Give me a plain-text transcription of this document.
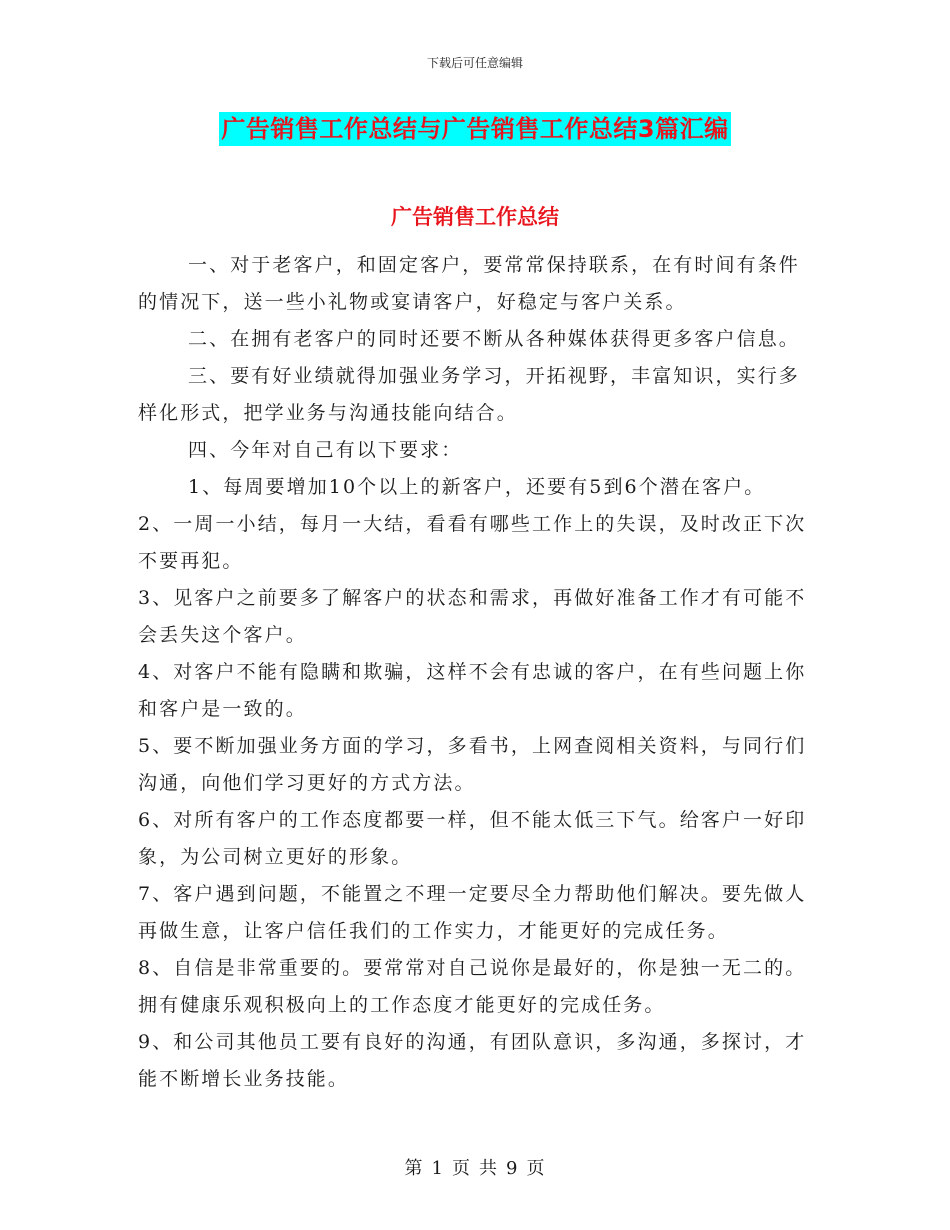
下载后可任意编辑
广告销售工作总结与广告销售工作总结3篇汇编
广告销售工作总结

一、对于老客户，和固定客户，要常常保持联系，在有时间有条件的情况下，送一些小礼物或宴请客户，好稳定与客户关系。

二、在拥有老客户的同时还要不断从各种媒体获得更多客户信息。

三、要有好业绩就得加强业务学习，开拓视野，丰富知识，实行多样化形式，把学业务与沟通技能向结合。

四、今年对自己有以下要求：

1、每周要增加10个以上的新客户，还要有5到6个潜在客户。

2、一周一小结，每月一大结，看看有哪些工作上的失误，及时改正下次不要再犯。

3、见客户之前要多了解客户的状态和需求，再做好准备工作才有可能不会丢失这个客户。

4、对客户不能有隐瞒和欺骗，这样不会有忠诚的客户，在有些问题上你和客户是一致的。

5、要不断加强业务方面的学习，多看书，上网查阅相关资料，与同行们沟通，向他们学习更好的方式方法。

6、对所有客户的工作态度都要一样，但不能太低三下气。给客户一好印象，为公司树立更好的形象。

7、客户遇到问题，不能置之不理一定要尽全力帮助他们解决。要先做人再做生意，让客户信任我们的工作实力，才能更好的完成任务。

8、自信是非常重要的。要常常对自己说你是最好的，你是独一无二的。拥有健康乐观积极向上的工作态度才能更好的完成任务。

9、和公司其他员工要有良好的沟通，有团队意识，多沟通，多探讨，才能不断增长业务技能。

第 1 页 共 9 页
